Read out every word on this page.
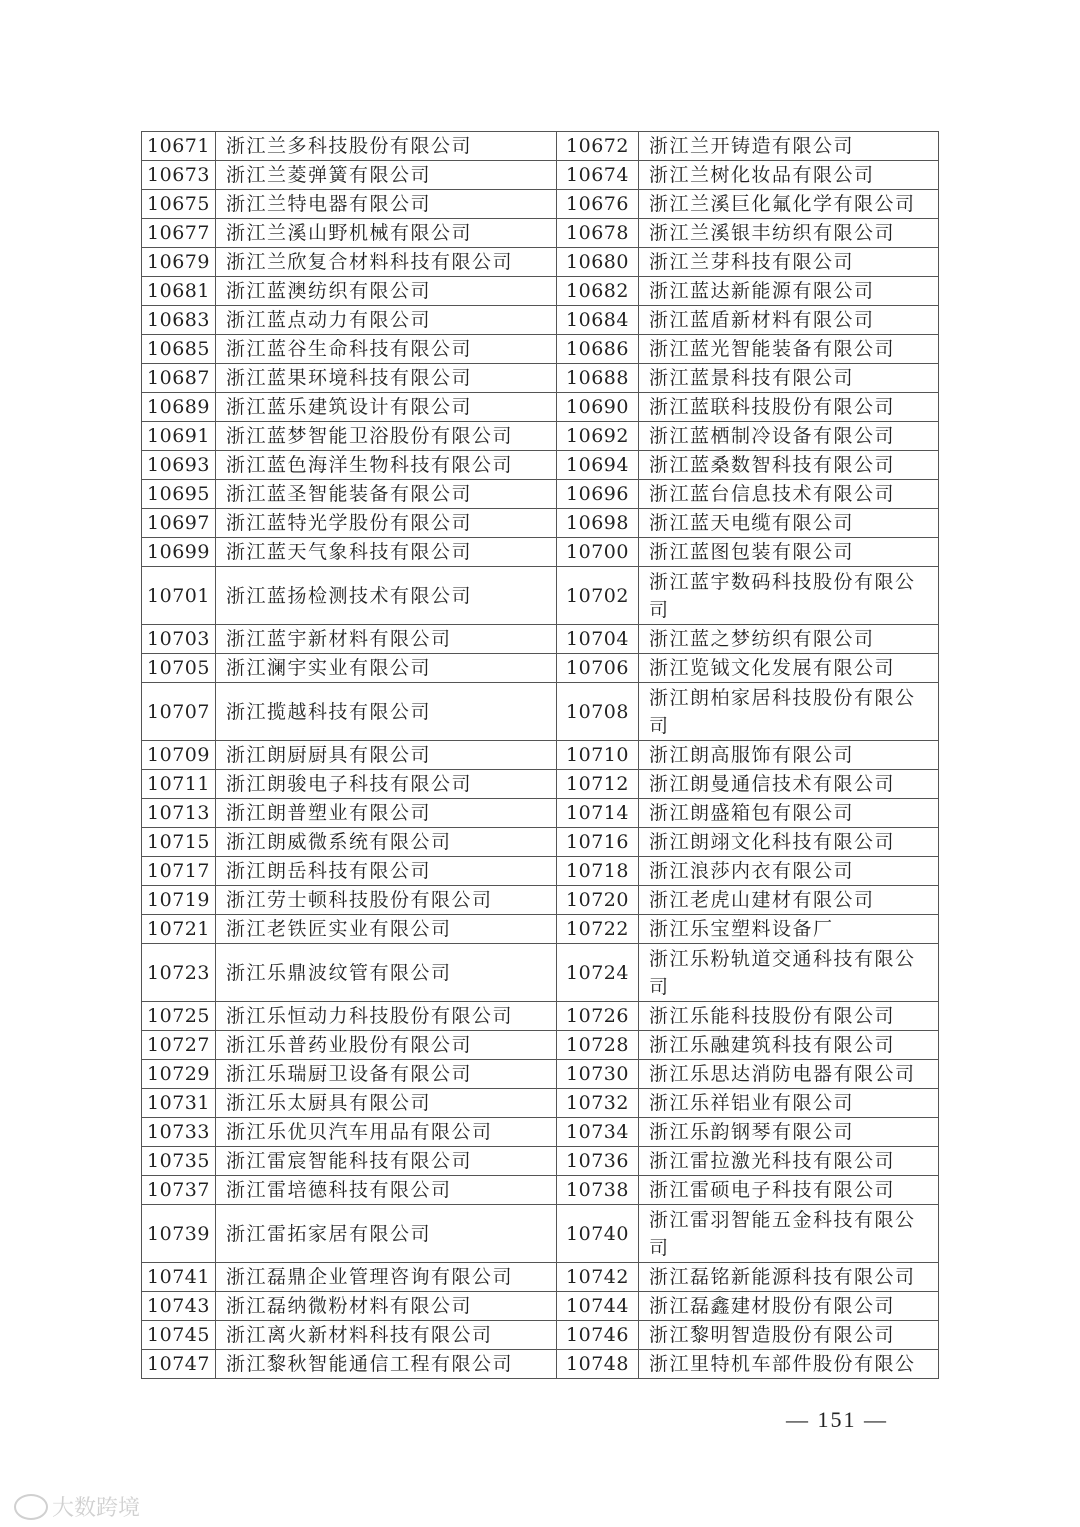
10671	浙江兰多科技股份有限公司	10672	浙江兰开铸造有限公司
10673	浙江兰菱弹簧有限公司	10674	浙江兰树化妆品有限公司
10675	浙江兰特电器有限公司	10676	浙江兰溪巨化氟化学有限公司
10677	浙江兰溪山野机械有限公司	10678	浙江兰溪银丰纺织有限公司
10679	浙江兰欣复合材料科技有限公司	10680	浙江兰芽科技有限公司
10681	浙江蓝澳纺织有限公司	10682	浙江蓝达新能源有限公司
10683	浙江蓝点动力有限公司	10684	浙江蓝盾新材料有限公司
10685	浙江蓝谷生命科技有限公司	10686	浙江蓝光智能装备有限公司
10687	浙江蓝果环境科技有限公司	10688	浙江蓝景科技有限公司
10689	浙江蓝乐建筑设计有限公司	10690	浙江蓝联科技股份有限公司
10691	浙江蓝梦智能卫浴股份有限公司	10692	浙江蓝栖制冷设备有限公司
10693	浙江蓝色海洋生物科技有限公司	10694	浙江蓝桑数智科技有限公司
10695	浙江蓝圣智能装备有限公司	10696	浙江蓝台信息技术有限公司
10697	浙江蓝特光学股份有限公司	10698	浙江蓝天电缆有限公司
10699	浙江蓝天气象科技有限公司	10700	浙江蓝图包装有限公司
10701	浙江蓝扬检测技术有限公司	10702	浙江蓝宇数码科技股份有限公司
10703	浙江蓝宇新材料有限公司	10704	浙江蓝之梦纺织有限公司
10705	浙江澜宇实业有限公司	10706	浙江览钺文化发展有限公司
10707	浙江揽越科技有限公司	10708	浙江朗柏家居科技股份有限公司
10709	浙江朗厨厨具有限公司	10710	浙江朗高服饰有限公司
10711	浙江朗骏电子科技有限公司	10712	浙江朗曼通信技术有限公司
10713	浙江朗普塑业有限公司	10714	浙江朗盛箱包有限公司
10715	浙江朗威微系统有限公司	10716	浙江朗翊文化科技有限公司
10717	浙江朗岳科技有限公司	10718	浙江浪莎内衣有限公司
10719	浙江劳士顿科技股份有限公司	10720	浙江老虎山建材有限公司
10721	浙江老铁匠实业有限公司	10722	浙江乐宝塑料设备厂
10723	浙江乐鼎波纹管有限公司	10724	浙江乐粉轨道交通科技有限公司
10725	浙江乐恒动力科技股份有限公司	10726	浙江乐能科技股份有限公司
10727	浙江乐普药业股份有限公司	10728	浙江乐融建筑科技有限公司
10729	浙江乐瑞厨卫设备有限公司	10730	浙江乐思达消防电器有限公司
10731	浙江乐太厨具有限公司	10732	浙江乐祥铝业有限公司
10733	浙江乐优贝汽车用品有限公司	10734	浙江乐韵钢琴有限公司
10735	浙江雷宸智能科技有限公司	10736	浙江雷拉激光科技有限公司
10737	浙江雷培德科技有限公司	10738	浙江雷硕电子科技有限公司
10739	浙江雷拓家居有限公司	10740	浙江雷羽智能五金科技有限公司
10741	浙江磊鼎企业管理咨询有限公司	10742	浙江磊铭新能源科技有限公司
10743	浙江磊纳微粉材料有限公司	10744	浙江磊鑫建材股份有限公司
10745	浙江离火新材料科技有限公司	10746	浙江黎明智造股份有限公司
10747	浙江黎秋智能通信工程有限公司	10748	浙江里特机车部件股份有限公
— 151 —
大数跨境
